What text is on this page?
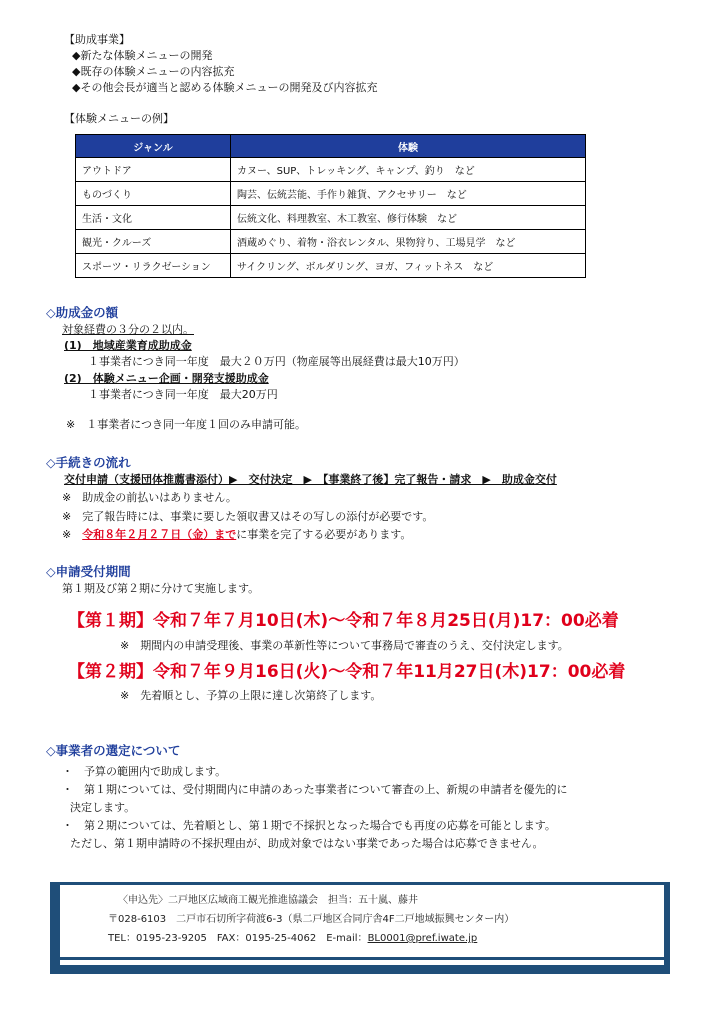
【助成事業】
◆新たな体験メニューの開発
◆既存の体験メニューの内容拡充
◆その他会長が適当と認める体験メニューの開発及び内容拡充
【体験メニューの例】
ジャンル	体験
アウトドア	カヌー、SUP、トレッキング、キャンプ、釣り　など
ものづくり	陶芸、伝統芸能、手作り雑貨、アクセサリー　など
生活・文化	伝統文化、料理教室、木工教室、修行体験　など
観光・クルーズ	酒蔵めぐり、着物・浴衣レンタル、果物狩り、工場見学　など
スポーツ・リラクゼーション	サイクリング、ボルダリング、ヨガ、フィットネス　など
◇助成金の額
対象経費の３分の２以内。
(1)　地域産業育成助成金
１事業者につき同一年度　最大２０万円（物産展等出展経費は最大10万円）
(2)　体験メニュー企画・開発支援助成金
１事業者につき同一年度　最大20万円
※　１事業者につき同一年度１回のみ申請可能。
◇手続きの流れ
交付申請（支援団体推薦書添付）▶　交付決定　▶　【事業終了後】完了報告・請求　▶　助成金交付
※　助成金の前払いはありません。
※　完了報告時には、事業に要した領収書又はその写しの添付が必要です。
※　令和８年２月２７日（金）までに事業を完了する必要があります。
◇申請受付期間
第１期及び第２期に分けて実施します。
【第１期】令和７年７月10日(木)～令和７年８月25日(月)17：00必着
※　期間内の申請受理後、事業の革新性等について事務局で審査のうえ、交付決定します。
【第２期】令和７年９月16日(火)～令和７年11月27日(木)17：00必着
※　先着順とし、予算の上限に達し次第終了します。
◇事業者の選定について
・　予算の範囲内で助成します。
・　第１期については、受付期間内に申請のあった事業者について審査の上、新規の申請者を優先的に
決定します。
・　第２期については、先着順とし、第１期で不採択となった場合でも再度の応募を可能とします。
ただし、第１期申請時の不採択理由が、助成対象ではない事業であった場合は応募できません。
〈申込先〉二戸地区広域商工観光推進協議会　担当：五十嵐、藤井
〒028-6103　二戸市石切所字荷渡6-3（県二戸地区合同庁舎4F二戸地域振興センター内）
TEL：0195-23-9205　FAX：0195-25-4062　E-mail：BL0001@pref.iwate.jp
